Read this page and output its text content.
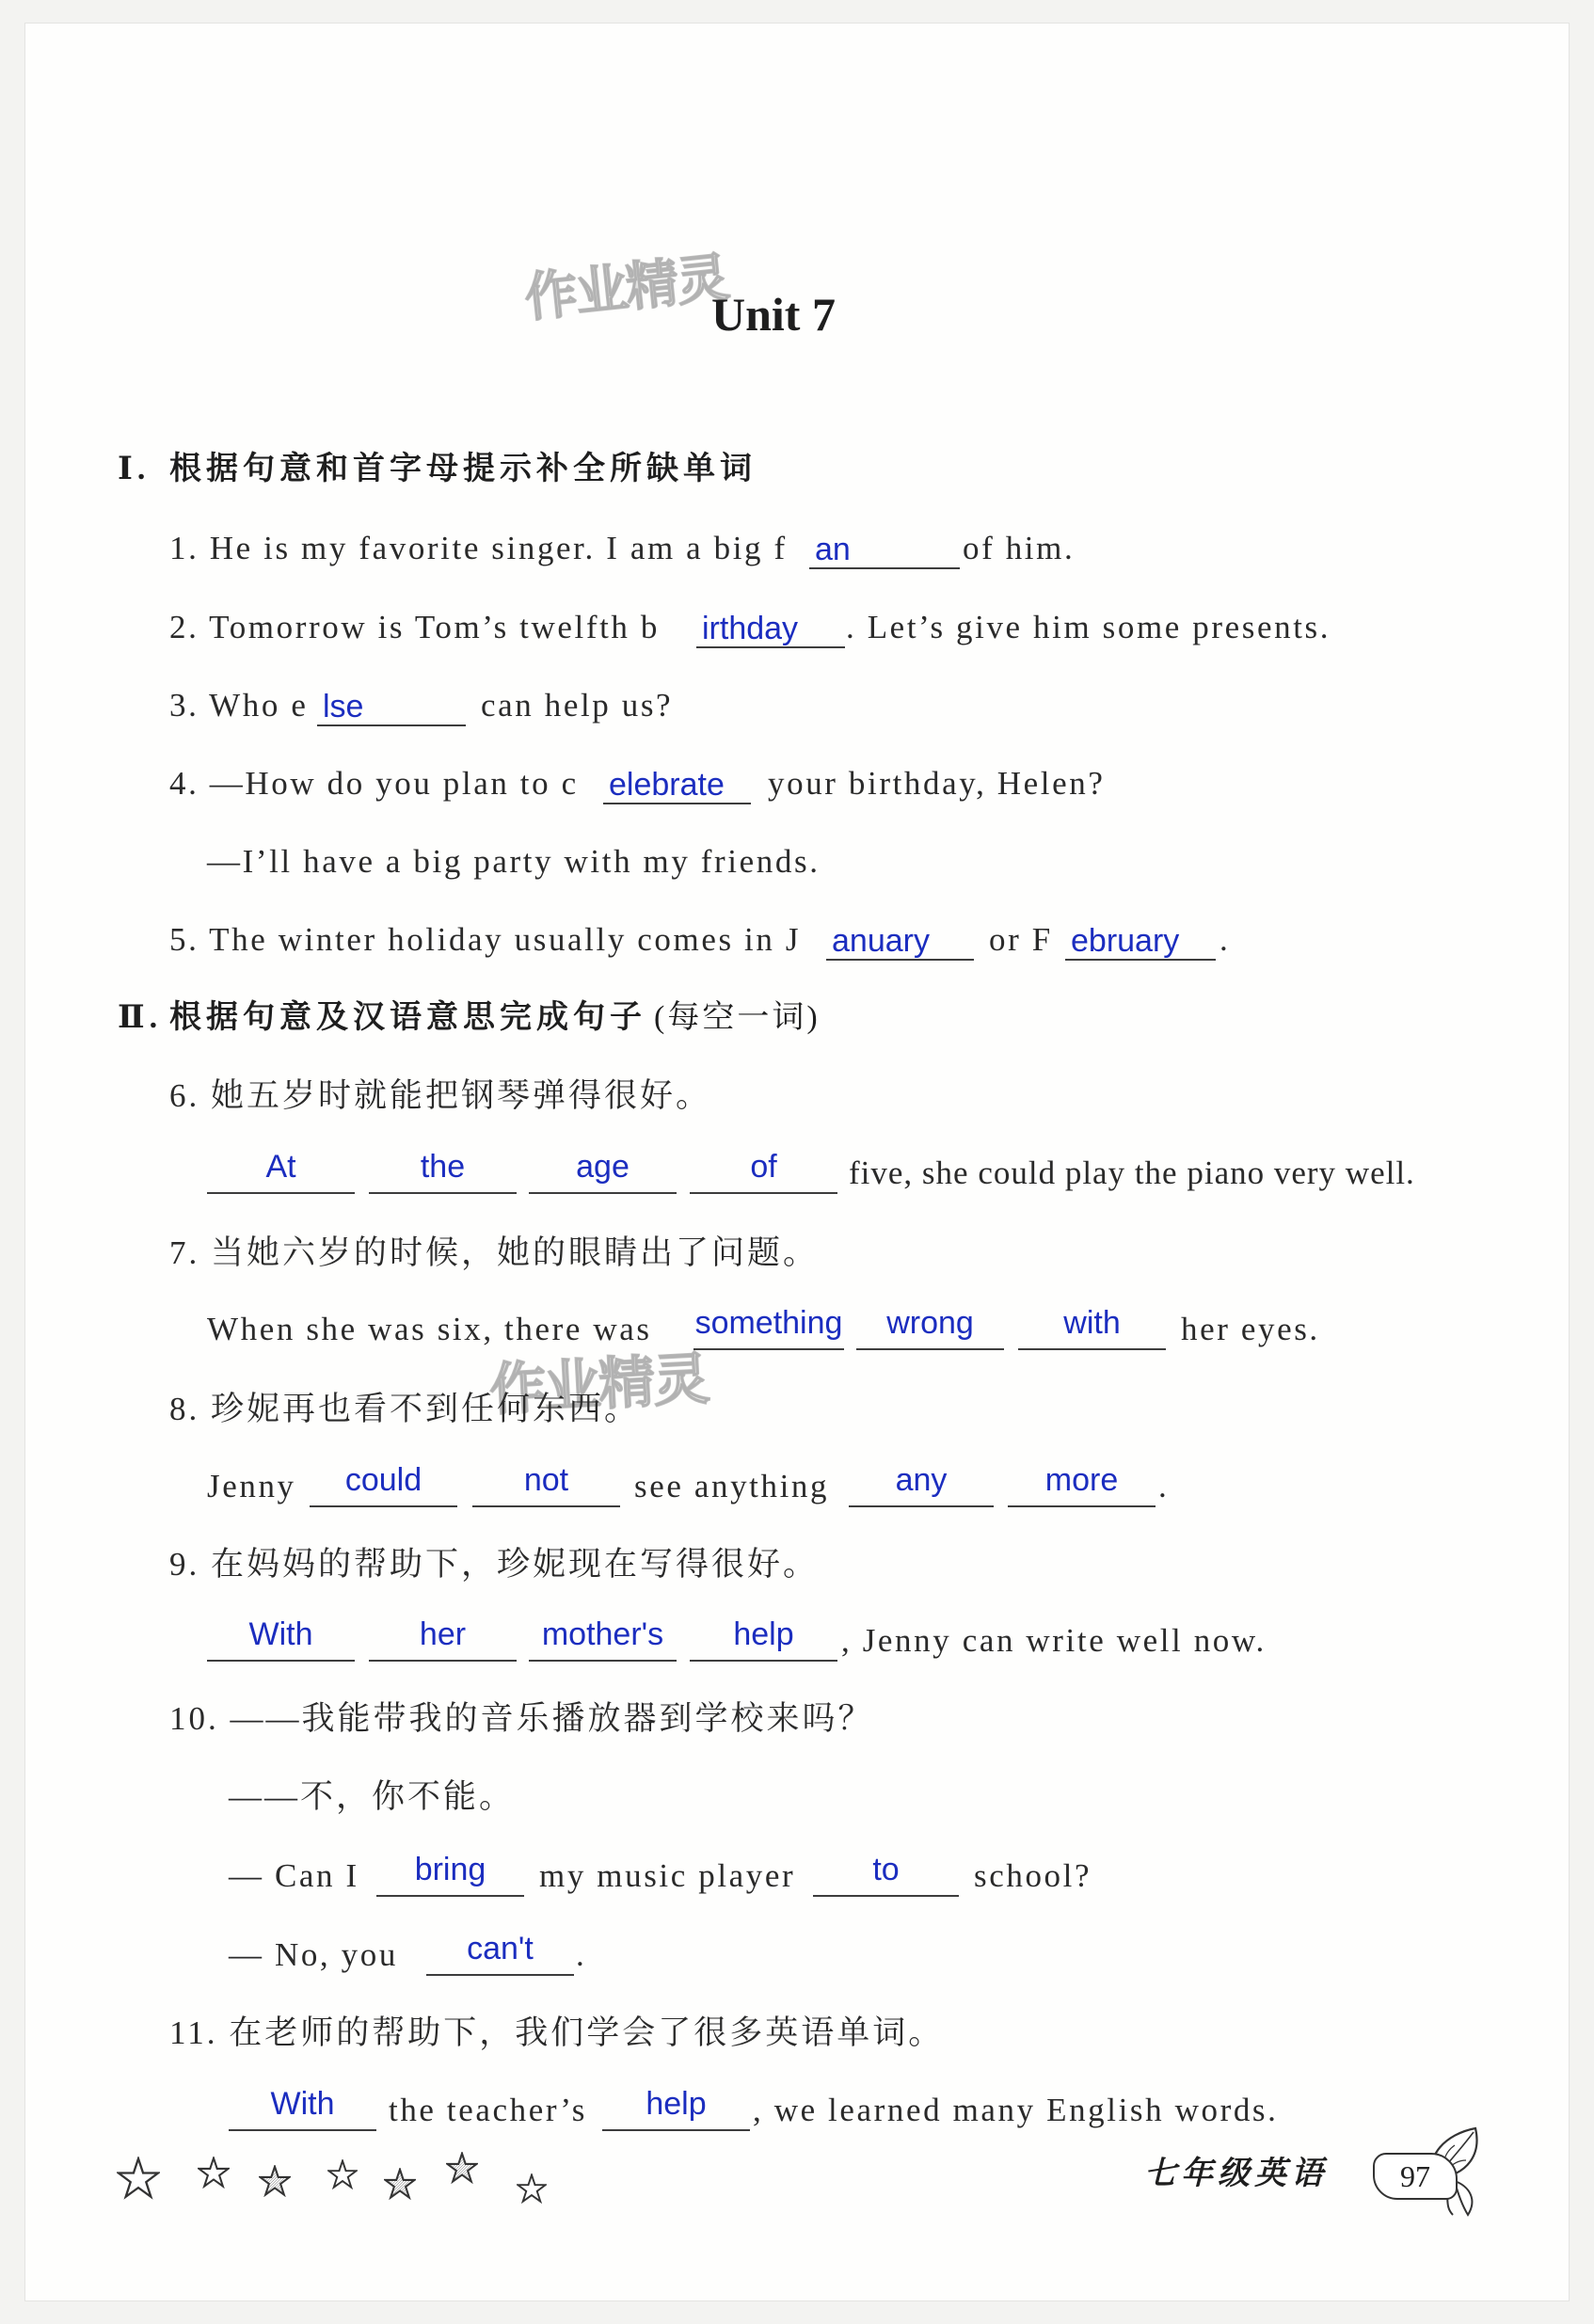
作业精灵
作业精灵
Unit 7
Ⅰ. 根据句意和首字母提示补全所缺单词
1. He is my favorite singer. I am a big f an	of him.
2. Tomorrow is Tom’s twelfth b irthday . Let’s give him some presents.
3. Who e lse	can help us?
4. —How do you plan to c elebrate your birthday, Helen?
—I’ll have a big party with my friends.
5. The winter holiday usually comes in J anuary or F ebruary .
Ⅱ. 根据句意及汉语意思完成句子 (每空一词)
6. 她五岁时就能把钢琴弹得很好。
At	the	age	of	five, she could play the piano very well.
7. 当她六岁的时候，她的眼睛出了问题。
When she was six, there was something	wrong	with	her eyes.
8. 珍妮再也看不到任何东西。
Jenny	could	not	see anything	any	more	.
9. 在妈妈的帮助下，珍妮现在写得很好。
With	her	mother's	help	, Jenny can write well now.
10. ——我能带我的音乐播放器到学校来吗？
——不，你不能。
— Can I	bring	my music player	to	school?
— No, you	can't	.
11. 在老师的帮助下，我们学会了很多英语单词。
With	the teacher’s	help	, we learned many English words.
七年级英语	97
